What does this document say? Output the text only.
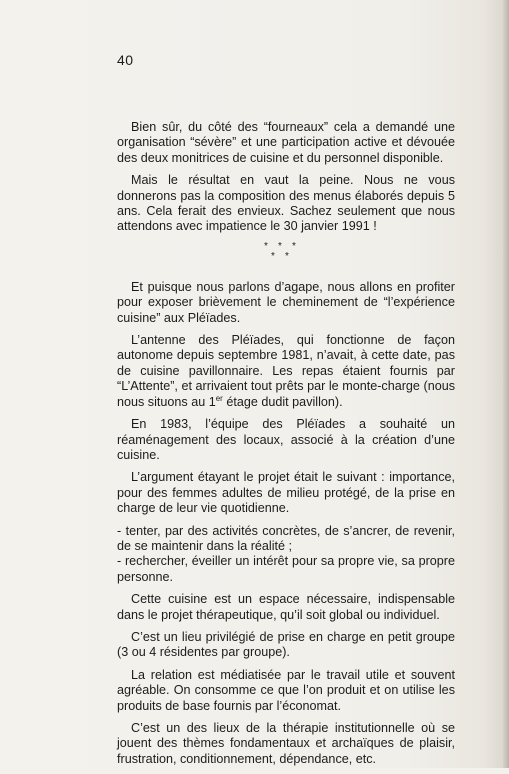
40

Bien sûr, du côté des “fourneaux” cela a demandé une organisation “sévère” et une participation active et dévouée des deux monitrices de cuisine et du personnel disponible.

Mais le résultat en vaut la peine. Nous ne vous donnerons pas la composition des menus élaborés depuis 5 ans. Cela ferait des envieux. Sachez seulement que nous attendons avec impatience le 30 janvier 1991 !

* * *
* *

Et puisque nous parlons d’agape, nous allons en profiter pour exposer brièvement le cheminement de “l’expérience cuisine” aux Pléïades.

L’antenne des Pléïades, qui fonctionne de façon autonome depuis septembre 1981, n’avait, à cette date, pas de cuisine pavillonnaire. Les repas étaient fournis par “L’Attente”, et arrivaient tout prêts par le monte-charge (nous nous situons au 1er étage dudit pavillon).

En 1983, l’équipe des Pléïades a souhaité un réaménagement des locaux, associé à la création d’une cuisine.

L’argument étayant le projet était le suivant : importance, pour des femmes adultes de milieu protégé, de la prise en charge de leur vie quotidienne.

- tenter, par des activités concrètes, de s’ancrer, de revenir, de se maintenir dans la réalité ;

- rechercher, éveiller un intérêt pour sa propre vie, sa propre personne.

Cette cuisine est un espace nécessaire, indispensable dans le projet thérapeutique, qu’il soit global ou individuel.

C’est un lieu privilégié de prise en charge en petit groupe (3 ou 4 résidentes par groupe).

La relation est médiatisée par le travail utile et souvent agréable. On consomme ce que l’on produit et on utilise les produits de base fournis par l’économat.

C’est un des lieux de la thérapie institutionnelle où se jouent des thèmes fondamentaux et archaïques de plaisir, frustration, conditionnement, dépendance, etc.
